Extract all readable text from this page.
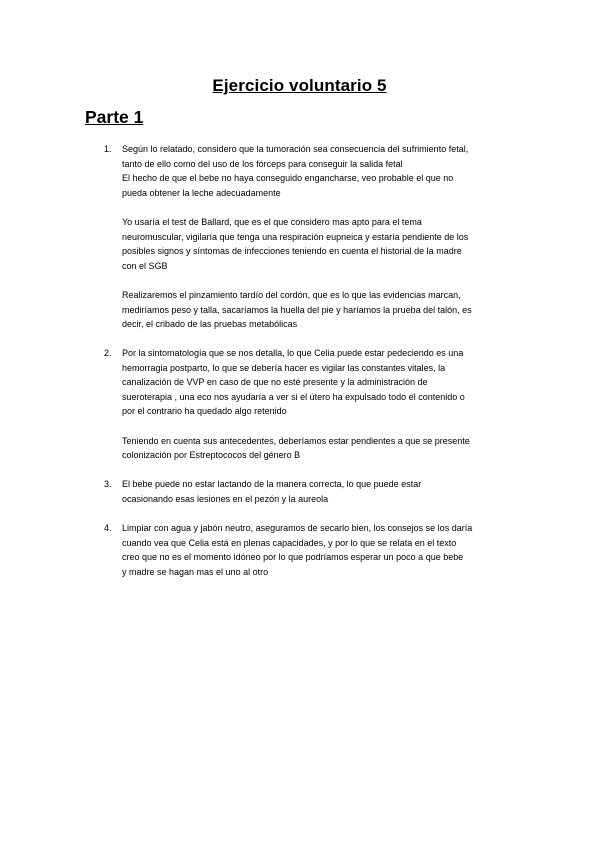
Ejercicio voluntario 5
Parte 1
1.	Según lo relatado, considero que la tumoración sea consecuencia del sufrimiento fetal,
tanto de ello como del uso de los fórceps para conseguir la salida fetal
El hecho de que el bebe no haya conseguido engancharse, veo probable el que no
pueda obtener la leche adecuadamente

Yo usaría el test de Ballard, que es el que considero mas apto para el tema
neuromuscular, vigilaría que tenga una respiración eupneica y estaría pendiente de los
posibles signos y síntomas de infecciones teniendo en cuenta el historial de la madre
con el SGB

Realizaremos el pinzamiento tardío del cordón, que es lo que las evidencias marcan,
mediríamos peso y talla, sacaríamos la huella del pie y haríamos la prueba del talón, es
decir, el cribado de las pruebas metabólicas

2.	Por la sintomatología que se nos detalla, lo que Celia puede estar pedeciendo es una
hemorragia postparto, lo que se debería hacer es vigilar las constantes vitales, la
canalización de VVP en caso de que no esté presente y la administración de
sueroterapia , una eco nos ayudaría a ver si el útero ha expulsado todo el contenido o
por el contrario ha quedado algo retenido

Teniendo en cuenta sus antecedentes, deberíamos estar pendientes a que se presente
colonización por Estreptococos del género B

3.	El bebe puede no estar lactando de la manera correcta, lo que puede estar
ocasionando esas lesiones en el pezón y la aureola

4.	Limpiar con agua y jabón neutro, aseguramos de secarlo bien, los consejos se los daría
cuando vea que Celia está en plenas capacidades, y por lo que se relata en el texto
creo que no es el momento idóneo por lo que podríamos esperar un poco a que bebe
y madre se hagan mas el uno al otro
